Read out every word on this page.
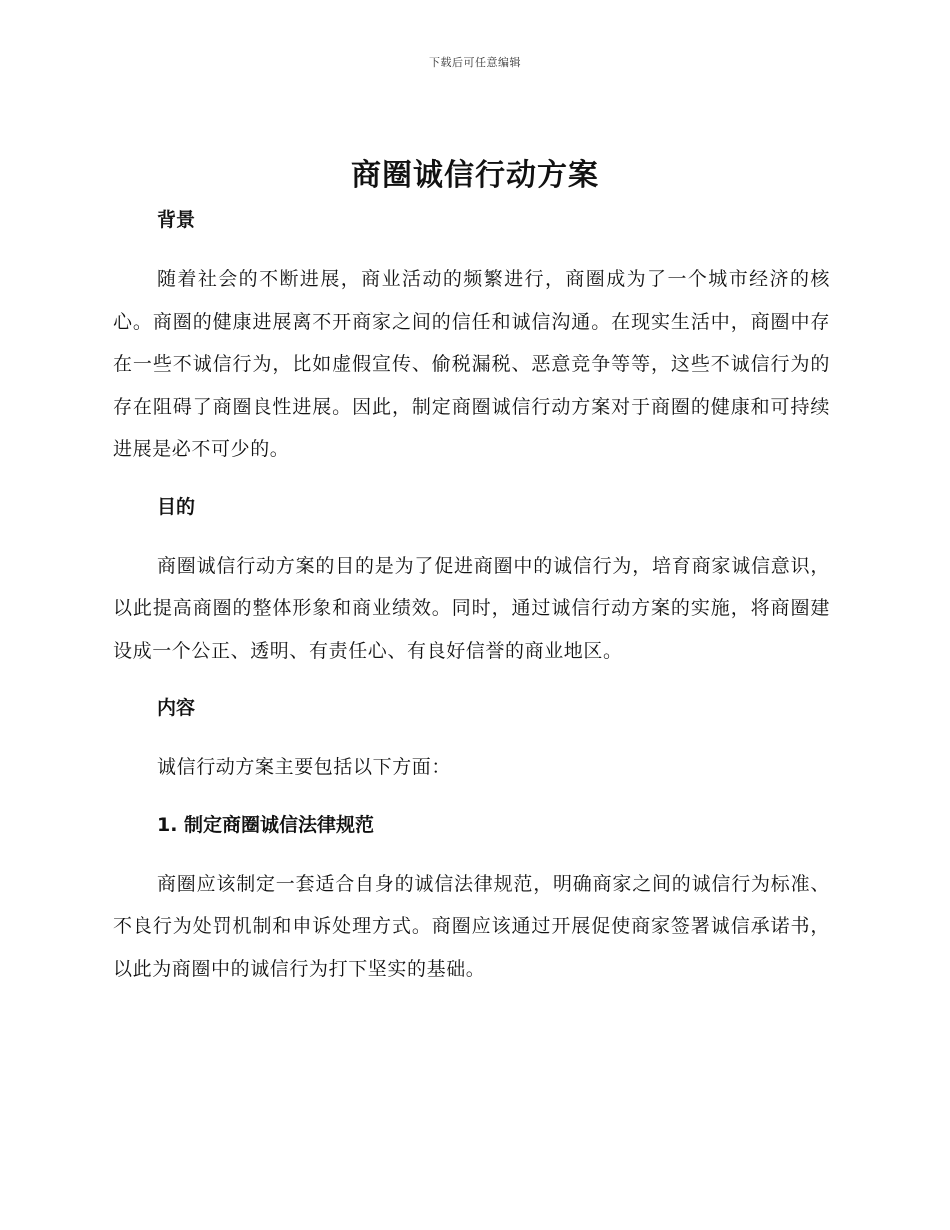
下载后可任意编辑
商圈诚信行动方案
背景

随着社会的不断进展，商业活动的频繁进行，商圈成为了一个城市经济的核心。商圈的健康进展离不开商家之间的信任和诚信沟通。在现实生活中，商圈中存在一些不诚信行为，比如虚假宣传、偷税漏税、恶意竞争等等，这些不诚信行为的存在阻碍了商圈良性进展。因此，制定商圈诚信行动方案对于商圈的健康和可持续进展是必不可少的。

目的

商圈诚信行动方案的目的是为了促进商圈中的诚信行为，培育商家诚信意识，以此提高商圈的整体形象和商业绩效。同时，通过诚信行动方案的实施，将商圈建设成一个公正、透明、有责任心、有良好信誉的商业地区。

内容

诚信行动方案主要包括以下方面：

1. 制定商圈诚信法律规范

商圈应该制定一套适合自身的诚信法律规范，明确商家之间的诚信行为标准、不良行为处罚机制和申诉处理方式。商圈应该通过开展促使商家签署诚信承诺书，以此为商圈中的诚信行为打下坚实的基础。
